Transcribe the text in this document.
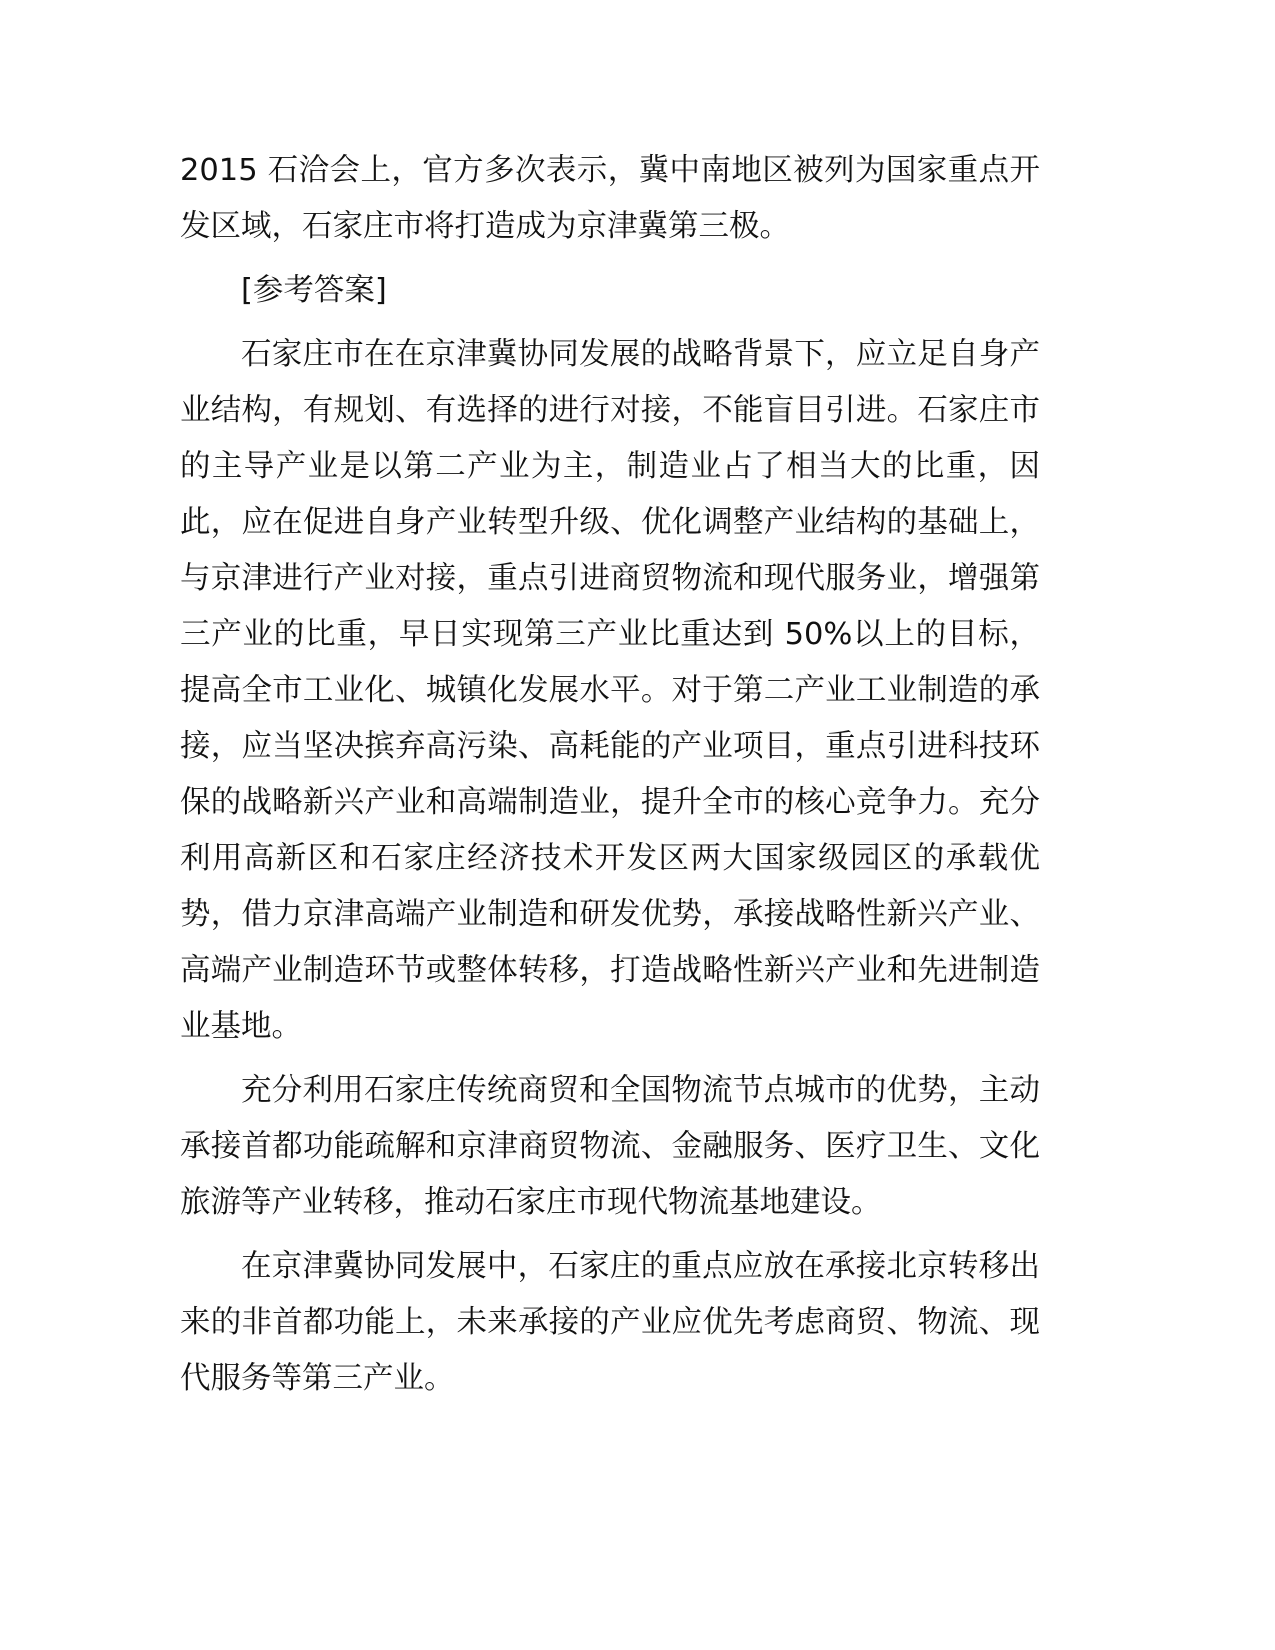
2015 石洽会上，官方多次表示，冀中南地区被列为国家重点开发区域，石家庄市将打造成为京津冀第三极。

[参考答案]

石家庄市在在京津冀协同发展的战略背景下，应立足自身产业结构，有规划、有选择的进行对接，不能盲目引进。石家庄市的主导产业是以第二产业为主，制造业占了相当大的比重，因此，应在促进自身产业转型升级、优化调整产业结构的基础上，与京津进行产业对接，重点引进商贸物流和现代服务业，增强第三产业的比重，早日实现第三产业比重达到 50%以上的目标，提高全市工业化、城镇化发展水平。对于第二产业工业制造的承接，应当坚决摈弃高污染、高耗能的产业项目，重点引进科技环保的战略新兴产业和高端制造业，提升全市的核心竞争力。充分利用高新区和石家庄经济技术开发区两大国家级园区的承载优势，借力京津高端产业制造和研发优势，承接战略性新兴产业、高端产业制造环节或整体转移，打造战略性新兴产业和先进制造业基地。

充分利用石家庄传统商贸和全国物流节点城市的优势，主动承接首都功能疏解和京津商贸物流、金融服务、医疗卫生、文化旅游等产业转移，推动石家庄市现代物流基地建设。

在京津冀协同发展中，石家庄的重点应放在承接北京转移出来的非首都功能上，未来承接的产业应优先考虑商贸、物流、现代服务等第三产业。
